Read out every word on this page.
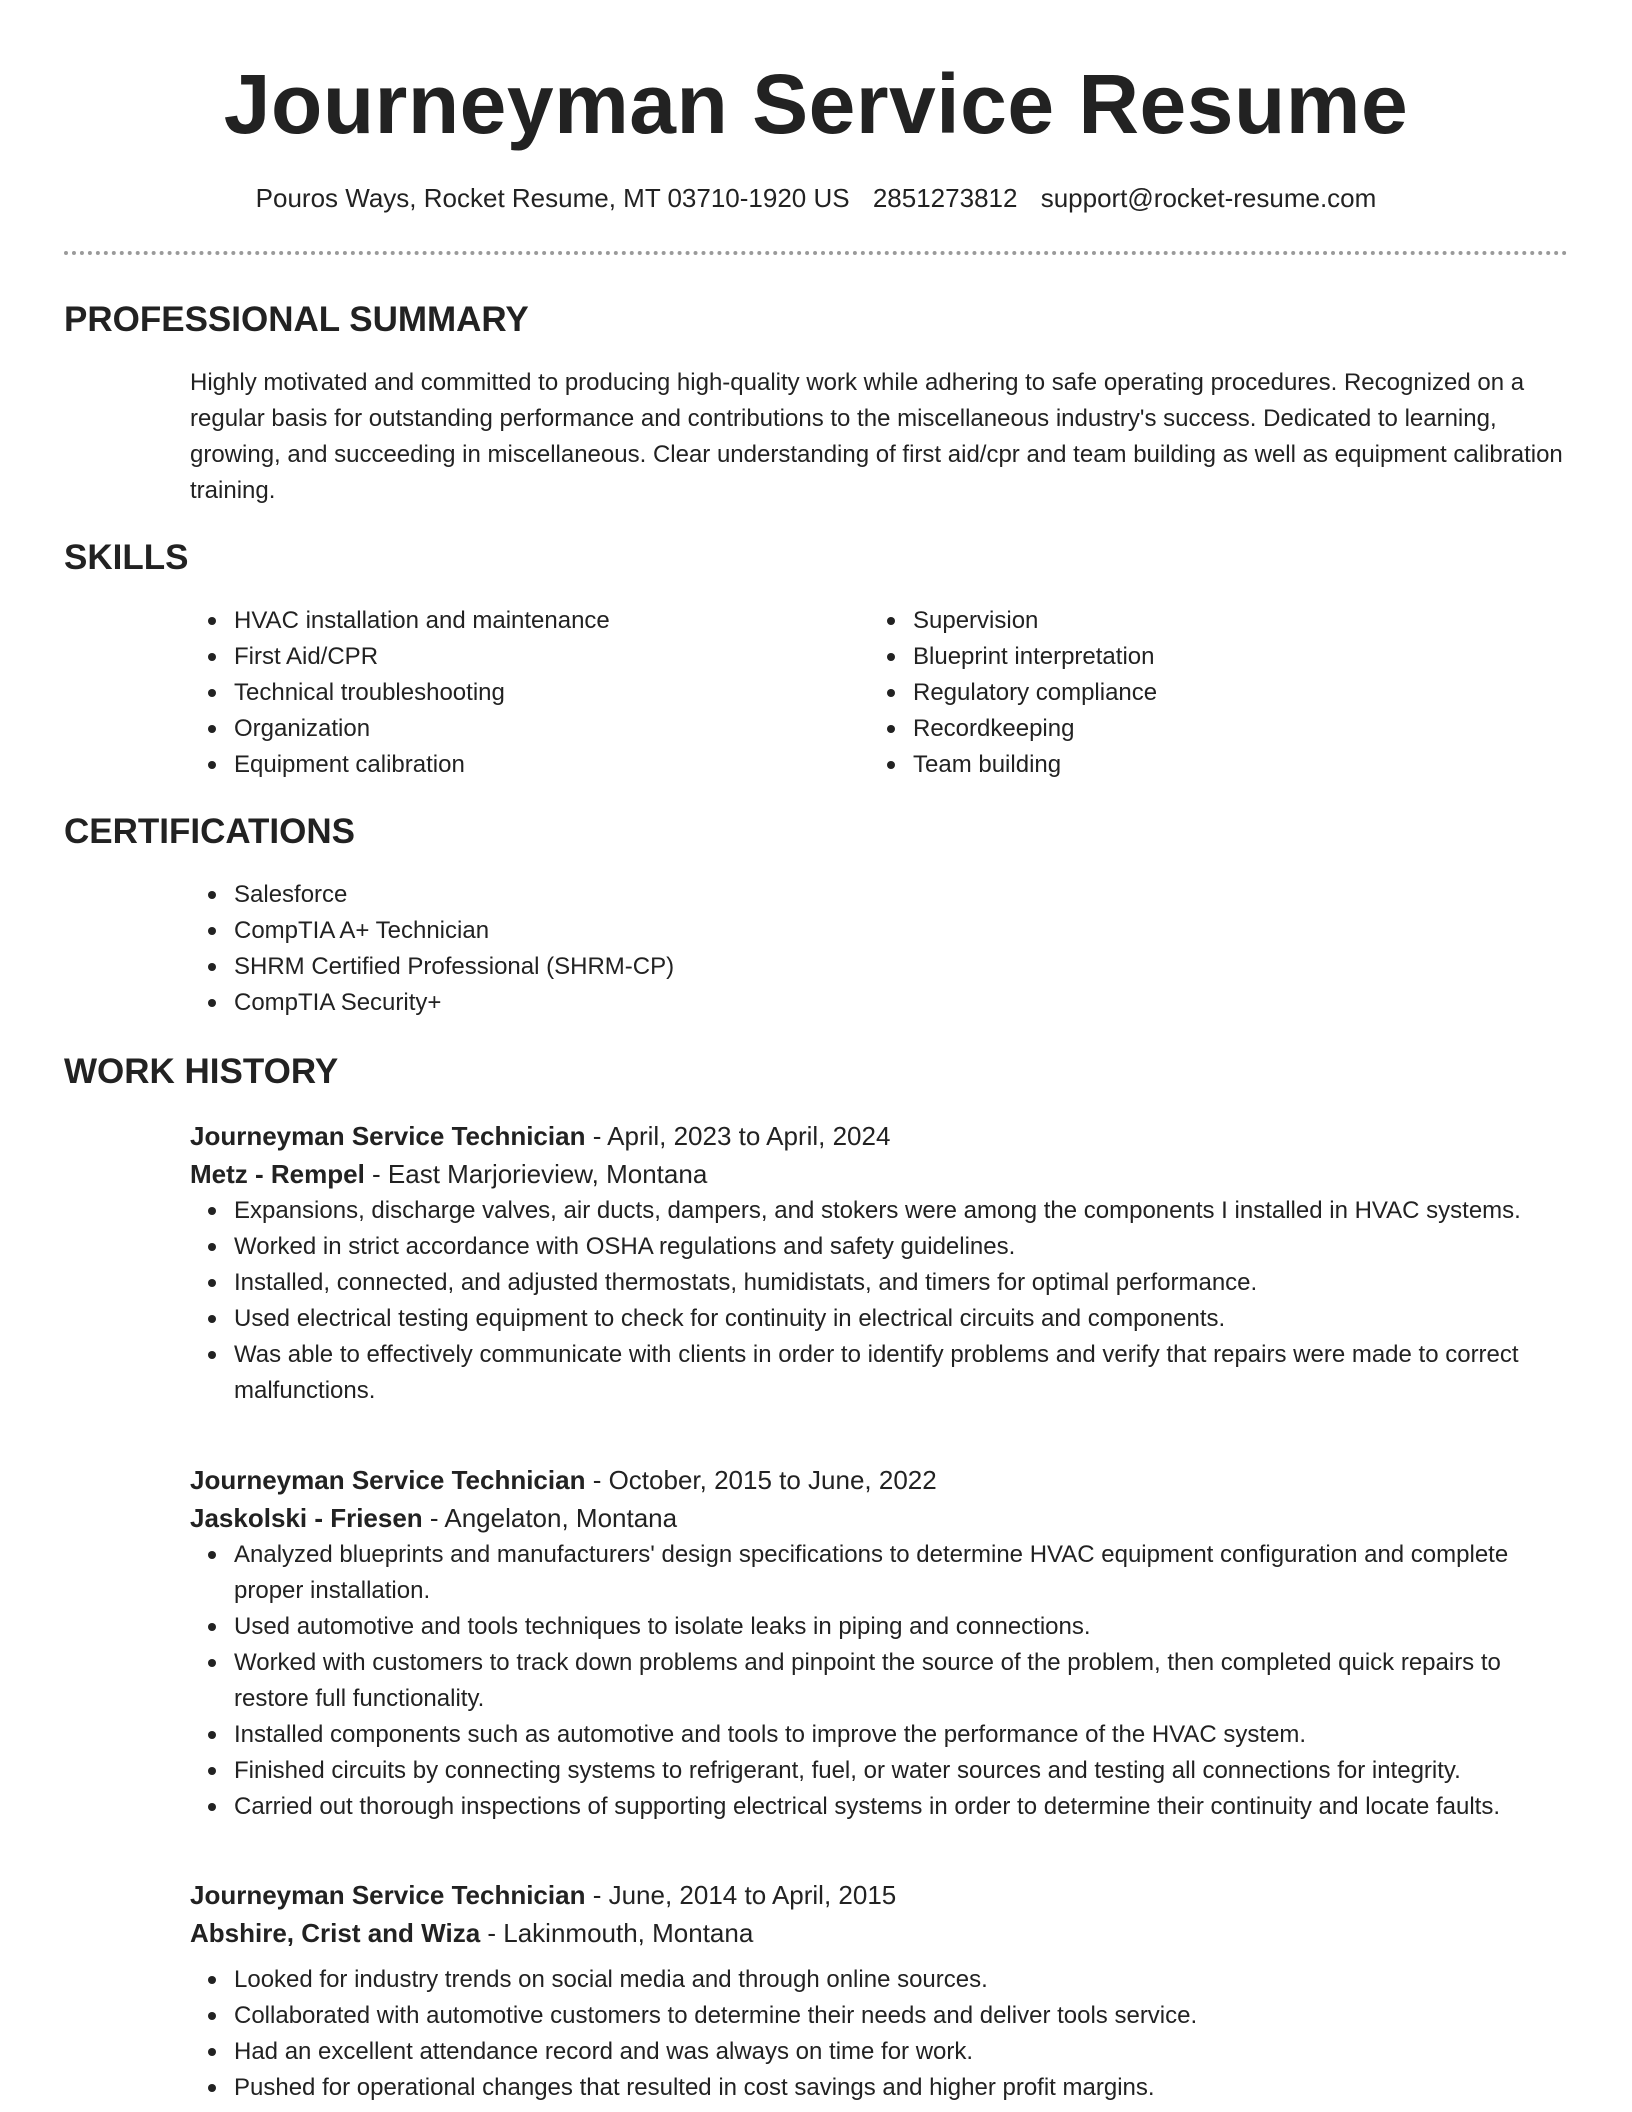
Journeyman Service Resume
Pouros Ways, Rocket Resume, MT 03710-1920 US 2851273812 support@rocket-resume.com
PROFESSIONAL SUMMARY

Highly motivated and committed to producing high-quality work while adhering to safe operating procedures. Recognized on a regular basis for outstanding performance and contributions to the miscellaneous industry's success. Dedicated to learning, growing, and succeeding in miscellaneous. Clear understanding of first aid/cpr and team building as well as equipment calibration training.

SKILLS
HVAC installation and maintenance
First Aid/CPR
Technical troubleshooting
Organization
Equipment calibration
Supervision
Blueprint interpretation
Regulatory compliance
Recordkeeping
Team building
CERTIFICATIONS
Salesforce
CompTIA A+ Technician
SHRM Certified Professional (SHRM-CP)
CompTIA Security+
WORK HISTORY
Journeyman Service Technician - April, 2023 to April, 2024
Metz - Rempel - East Marjorieview, Montana
Expansions, discharge valves, air ducts, dampers, and stokers were among the components I installed in HVAC systems.
Worked in strict accordance with OSHA regulations and safety guidelines.
Installed, connected, and adjusted thermostats, humidistats, and timers for optimal performance.
Used electrical testing equipment to check for continuity in electrical circuits and components.
Was able to effectively communicate with clients in order to identify problems and verify that repairs were made to correct malfunctions.
Journeyman Service Technician - October, 2015 to June, 2022
Jaskolski - Friesen - Angelaton, Montana
Analyzed blueprints and manufacturers' design specifications to determine HVAC equipment configuration and complete proper installation.
Used automotive and tools techniques to isolate leaks in piping and connections.
Worked with customers to track down problems and pinpoint the source of the problem, then completed quick repairs to restore full functionality.
Installed components such as automotive and tools to improve the performance of the HVAC system.
Finished circuits by connecting systems to refrigerant, fuel, or water sources and testing all connections for integrity.
Carried out thorough inspections of supporting electrical systems in order to determine their continuity and locate faults.
Journeyman Service Technician - June, 2014 to April, 2015
Abshire, Crist and Wiza - Lakinmouth, Montana
Looked for industry trends on social media and through online sources.
Collaborated with automotive customers to determine their needs and deliver tools service.
Had an excellent attendance record and was always on time for work.
Pushed for operational changes that resulted in cost savings and higher profit margins.
